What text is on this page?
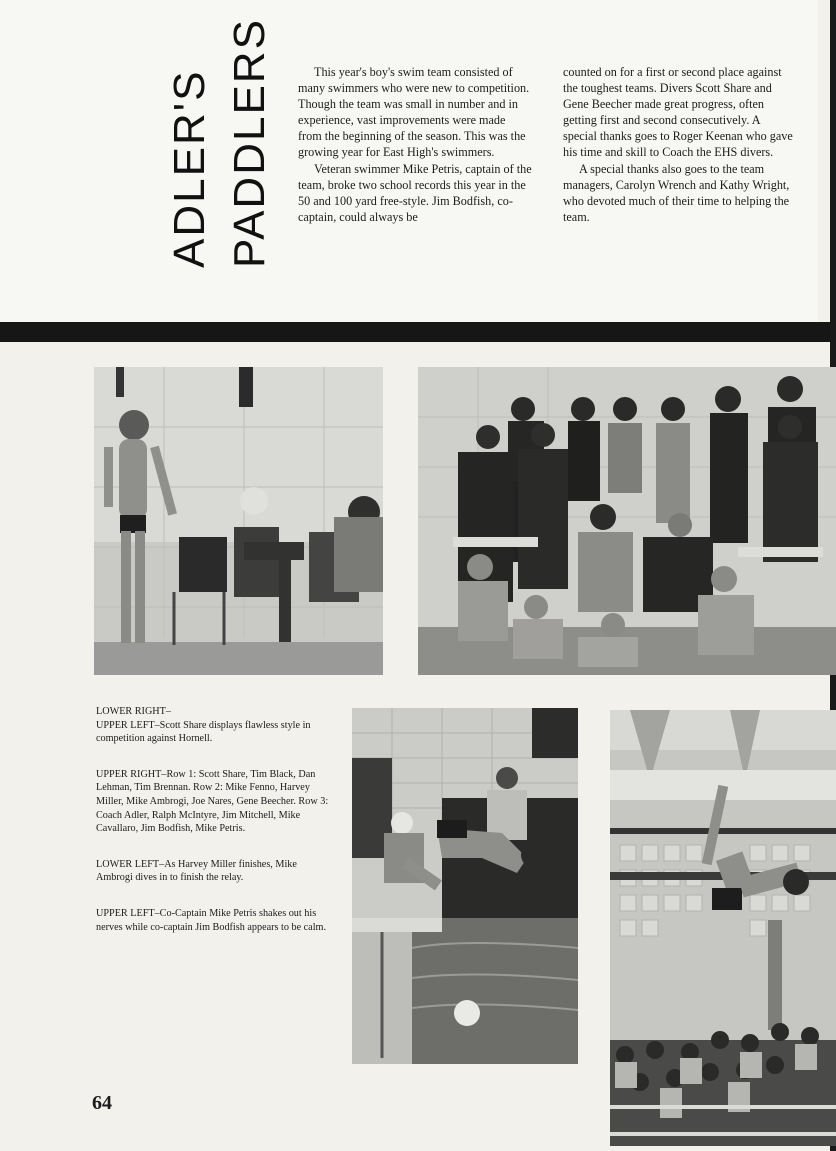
ADLER'S PADDLERS	This year's boy's swim team consisted of many swimmers who were new to competition. Though the team was small in number and in experience, vast improvements were made from the beginning of the season. This was the growing year for East High's swimmers.

Veteran swimmer Mike Petris, captain of the team, broke two school records this year in the 50 and 100 yard free-style. Jim Bodfish, co-captain, could always be

counted on for a first or second place against the toughest teams. Divers Scott Share and Gene Beecher made great progress, often getting first and second consecutively. A special thanks goes to Roger Keenan who gave his time and skill to Coach the EHS divers.

A special thanks also goes to the team managers, Carolyn Wrench and Kathy Wright, who devoted much of their time to helping the team.

LOWER RIGHT–

UPPER LEFT–Scott Share displays flawless style in competition against Hornell.

UPPER RIGHT–Row 1: Scott Share, Tim Black, Dan Lehman, Tim Brennan. Row 2: Mike Fenno, Harvey Miller, Mike Ambrogi, Joe Nares, Gene Beecher. Row 3: Coach Adler, Ralph McIntyre, Jim Mitchell, Mike Cavallaro, Jim Bodfish, Mike Petris.

LOWER LEFT–As Harvey Miller finishes, Mike Ambrogi dives in to finish the relay.

UPPER LEFT–Co-Captain Mike Petris shakes out his nerves while co-captain Jim Bodfish appears to be calm.

64
